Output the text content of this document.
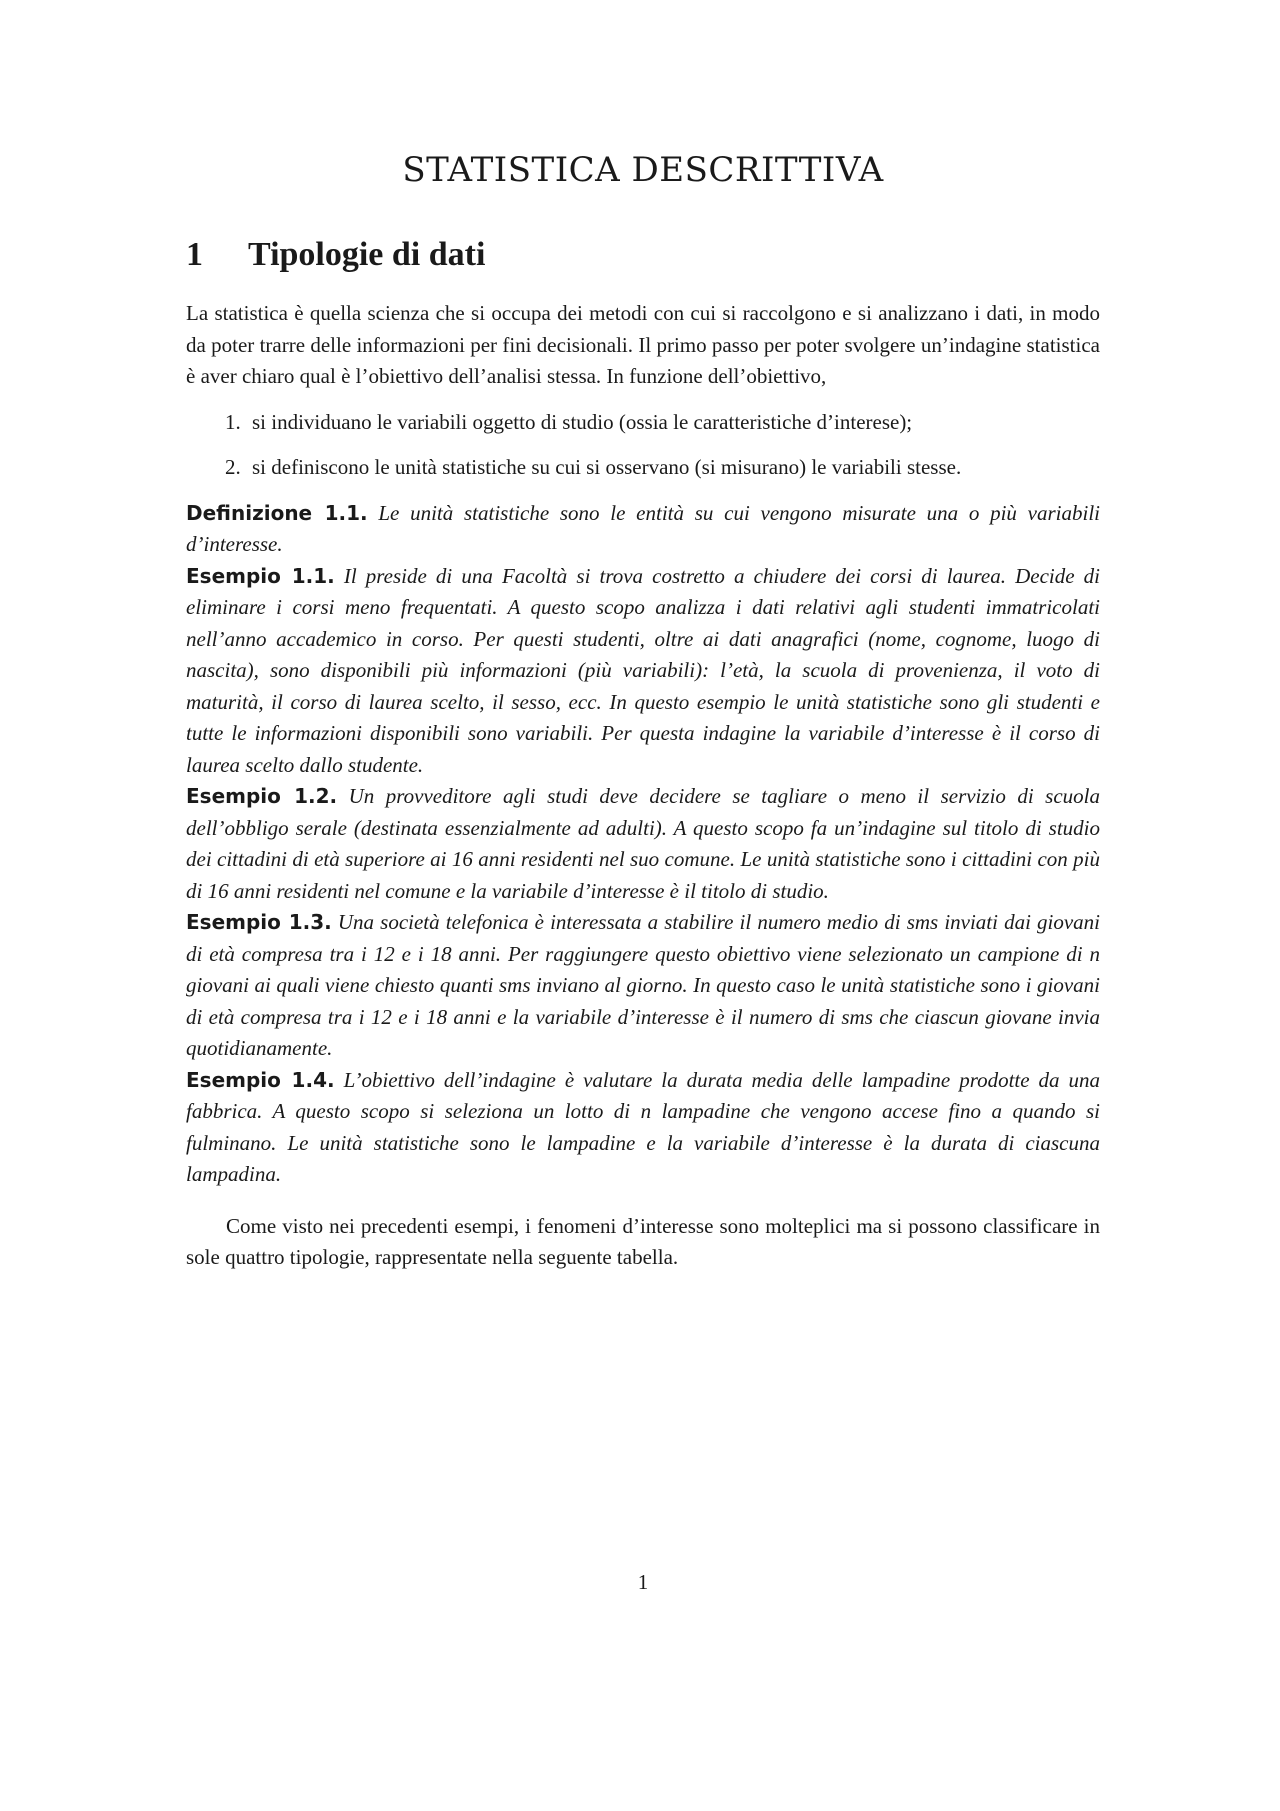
STATISTICA DESCRITTIVA
1 Tipologie di dati

La statistica è quella scienza che si occupa dei metodi con cui si raccolgono e si analizzano i dati, in modo da poter trarre delle informazioni per fini decisionali. Il primo passo per poter svolgere un’indagine statistica è aver chiaro qual è l’obiettivo dell’analisi stessa. In funzione dell’obiettivo,

1. si individuano le variabili oggetto di studio (ossia le caratteristiche d’interese);
2. si definiscono le unità statistiche su cui si osservano (si misurano) le variabili stesse.

Definizione 1.1. Le unità statistiche sono le entità su cui vengono misurate una o più variabili d’interesse.

Esempio 1.1. Il preside di una Facoltà si trova costretto a chiudere dei corsi di laurea. Decide di eliminare i corsi meno frequentati. A questo scopo analizza i dati relativi agli studenti immatricolati nell’anno accademico in corso. Per questi studenti, oltre ai dati anagrafici (nome, cognome, luogo di nascita), sono disponibili più informazioni (più variabili): l’età, la scuola di provenienza, il voto di maturità, il corso di laurea scelto, il sesso, ecc. In questo esempio le unità statistiche sono gli studenti e tutte le informazioni disponibili sono variabili. Per questa indagine la variabile d’interesse è il corso di laurea scelto dallo studente.

Esempio 1.2. Un provveditore agli studi deve decidere se tagliare o meno il servizio di scuola dell’obbligo serale (destinata essenzialmente ad adulti). A questo scopo fa un’indagine sul titolo di studio dei cittadini di età superiore ai 16 anni residenti nel suo comune. Le unità statistiche sono i cittadini con più di 16 anni residenti nel comune e la variabile d’interesse è il titolo di studio.

Esempio 1.3. Una società telefonica è interessata a stabilire il numero medio di sms inviati dai giovani di età compresa tra i 12 e i 18 anni. Per raggiungere questo obiettivo viene selezionato un campione di n giovani ai quali viene chiesto quanti sms inviano al giorno. In questo caso le unità statistiche sono i giovani di età compresa tra i 12 e i 18 anni e la variabile d’interesse è il numero di sms che ciascun giovane invia quotidianamente.

Esempio 1.4. L’obiettivo dell’indagine è valutare la durata media delle lampadine prodotte da una fabbrica. A questo scopo si seleziona un lotto di n lampadine che vengono accese fino a quando si fulminano. Le unità statistiche sono le lampadine e la variabile d’interesse è la durata di ciascuna lampadina.

Come visto nei precedenti esempi, i fenomeni d’interesse sono molteplici ma si possono classificare in sole quattro tipologie, rappresentate nella seguente tabella.

1
